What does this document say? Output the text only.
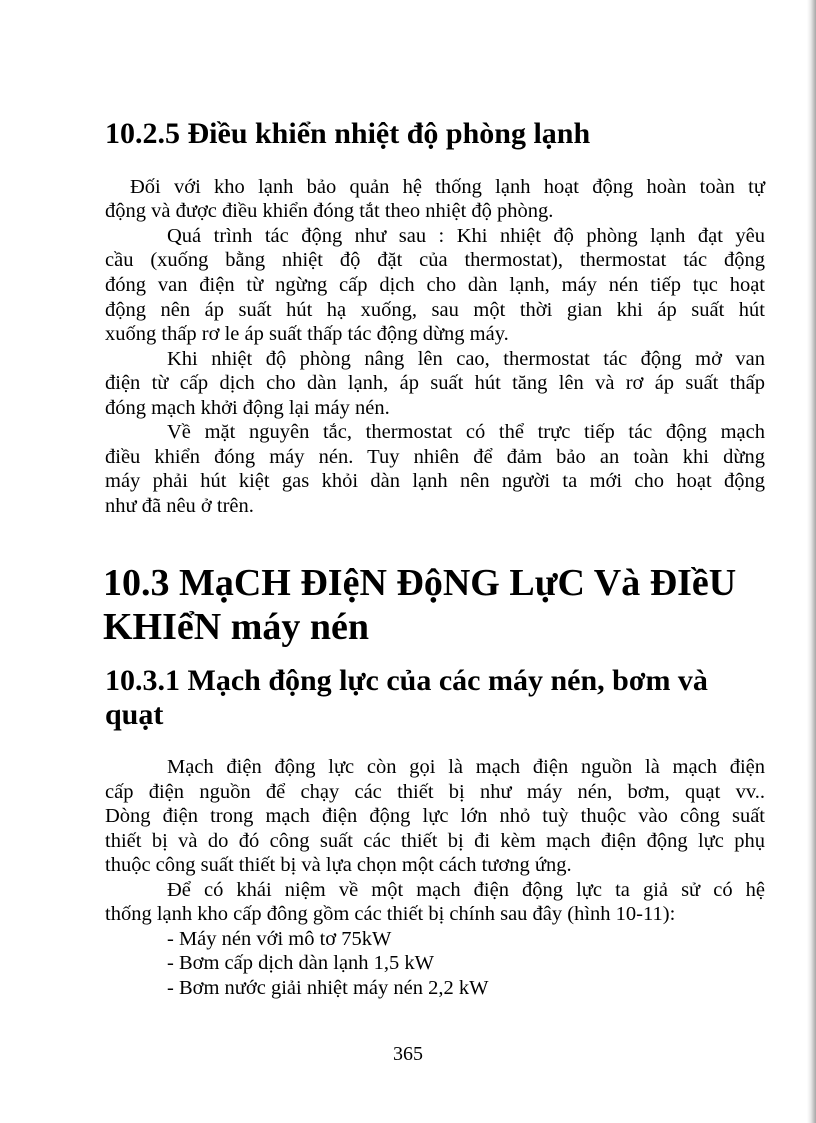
10.2.5 Điều khiển nhiệt độ phòng lạnh
Đối với kho lạnh bảo quản hệ thống lạnh hoạt động hoàn toàn tự
động và được điều khiển đóng tắt theo nhiệt độ phòng.
Quá trình tác động như sau : Khi nhiệt độ phòng lạnh đạt yêu
cầu (xuống bằng nhiệt độ đặt của thermostat), thermostat tác động
đóng van điện từ ngừng cấp dịch cho dàn lạnh, máy nén tiếp tục hoạt
động nên áp suất hút hạ xuống, sau một thời gian khi áp suất hút
xuống thấp rơ le áp suất thấp tác động dừng máy.
Khi nhiệt độ phòng nâng lên cao, thermostat tác động mở van
điện từ cấp dịch cho dàn lạnh, áp suất hút tăng lên và rơ áp suất thấp
đóng mạch khởi động lại máy nén.
Về mặt nguyên tắc, thermostat có thể trực tiếp tác động mạch
điều khiển đóng máy nén. Tuy nhiên để đảm bảo an toàn khi dừng
máy phải hút kiệt gas khỏi dàn lạnh nên người ta mới cho hoạt động
như đã nêu ở trên.
10.3 MạCH ĐIệN ĐộNG LựC Và ĐIềU
KHIểN máy nén
10.3.1 Mạch động lực của các máy nén, bơm và
quạt
Mạch điện động lực còn gọi là mạch điện nguồn là mạch điện
cấp điện nguồn để chạy các thiết bị như máy nén, bơm, quạt vv..
Dòng điện trong mạch điện động lực lớn nhỏ tuỳ thuộc vào công suất
thiết bị và do đó công suất các thiết bị đi kèm mạch điện động lực phụ
thuộc công suất thiết bị và lựa chọn một cách tương ứng.
Để có khái niệm về một mạch điện động lực ta giả sử có hệ
thống lạnh kho cấp đông gồm các thiết bị chính sau đây (hình 10-11):
- Máy nén với mô tơ 75kW
- Bơm cấp dịch dàn lạnh 1,5 kW
- Bơm nước giải nhiệt máy nén 2,2 kW
365
